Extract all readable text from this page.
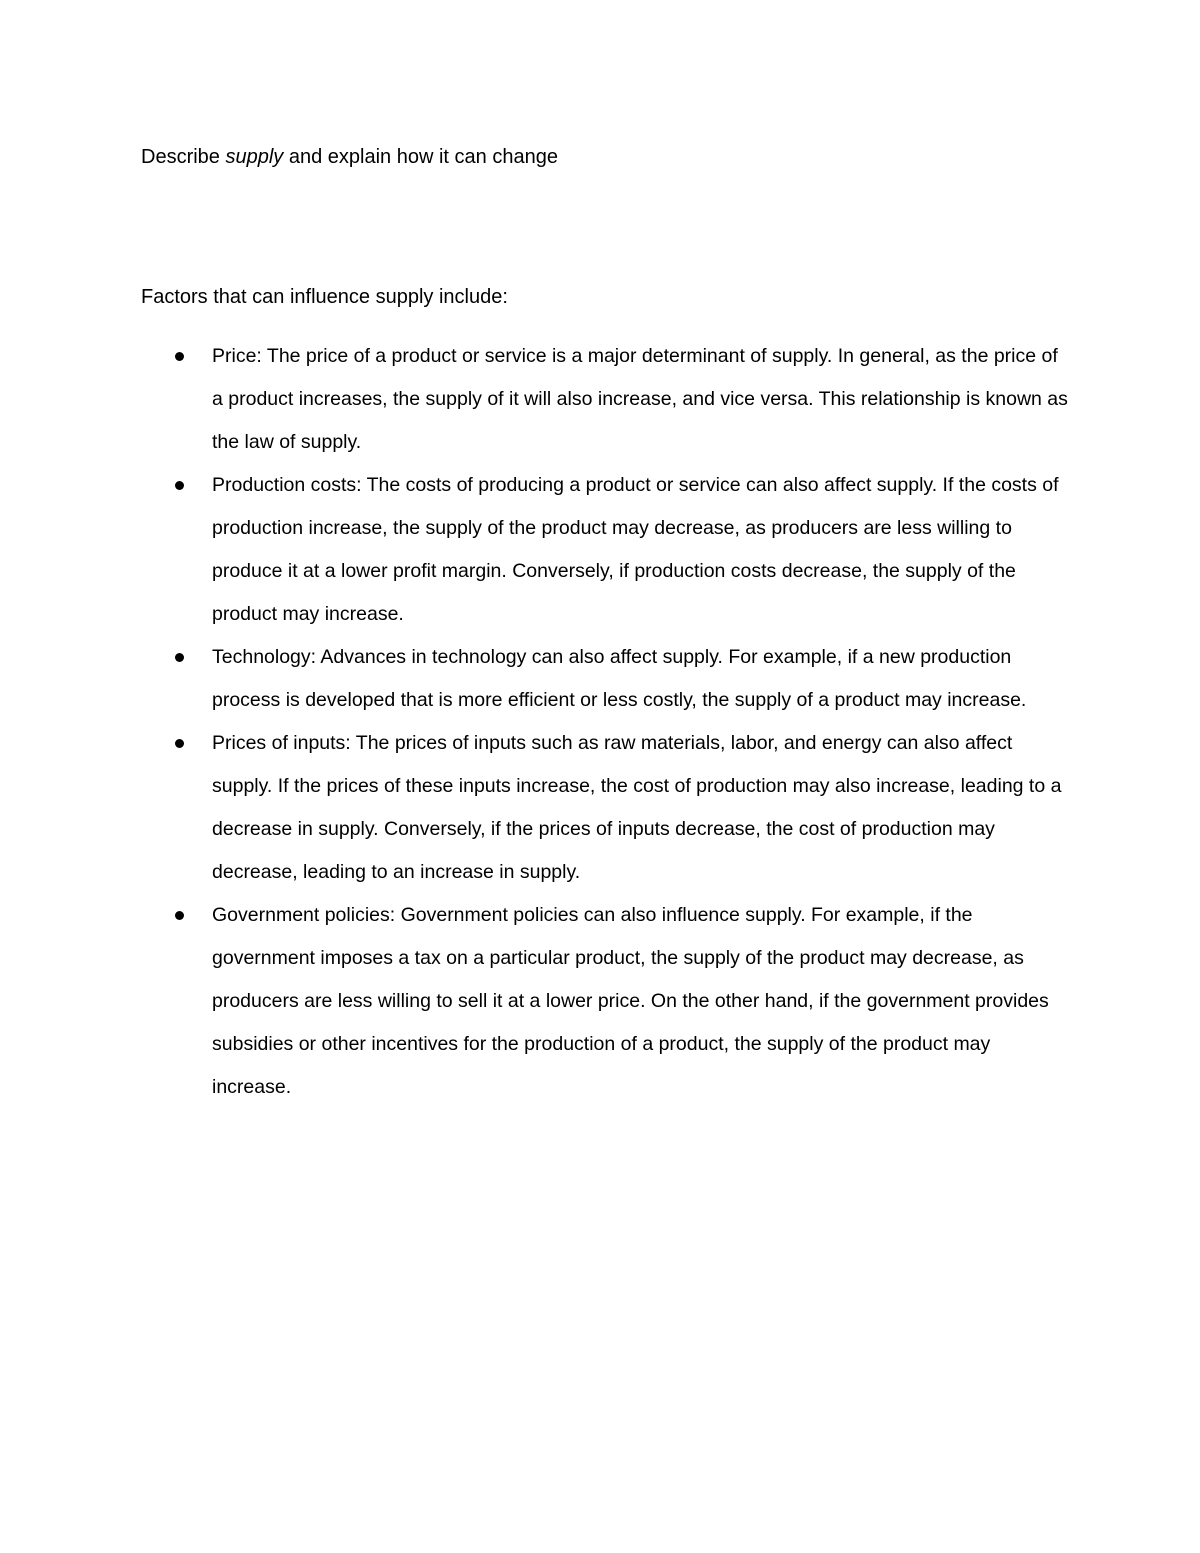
Describe supply and explain how it can change
Factors that can influence supply include:
Price: The price of a product or service is a major determinant of supply. In general, as the price of a product increases, the supply of it will also increase, and vice versa. This relationship is known as the law of supply.
Production costs: The costs of producing a product or service can also affect supply. If the costs of production increase, the supply of the product may decrease, as producers are less willing to produce it at a lower profit margin. Conversely, if production costs decrease, the supply of the product may increase.
Technology: Advances in technology can also affect supply. For example, if a new production process is developed that is more efficient or less costly, the supply of a product may increase.
Prices of inputs: The prices of inputs such as raw materials, labor, and energy can also affect supply. If the prices of these inputs increase, the cost of production may also increase, leading to a decrease in supply. Conversely, if the prices of inputs decrease, the cost of production may decrease, leading to an increase in supply.
Government policies: Government policies can also influence supply. For example, if the government imposes a tax on a particular product, the supply of the product may decrease, as producers are less willing to sell it at a lower price. On the other hand, if the government provides subsidies or other incentives for the production of a product, the supply of the product may increase.
